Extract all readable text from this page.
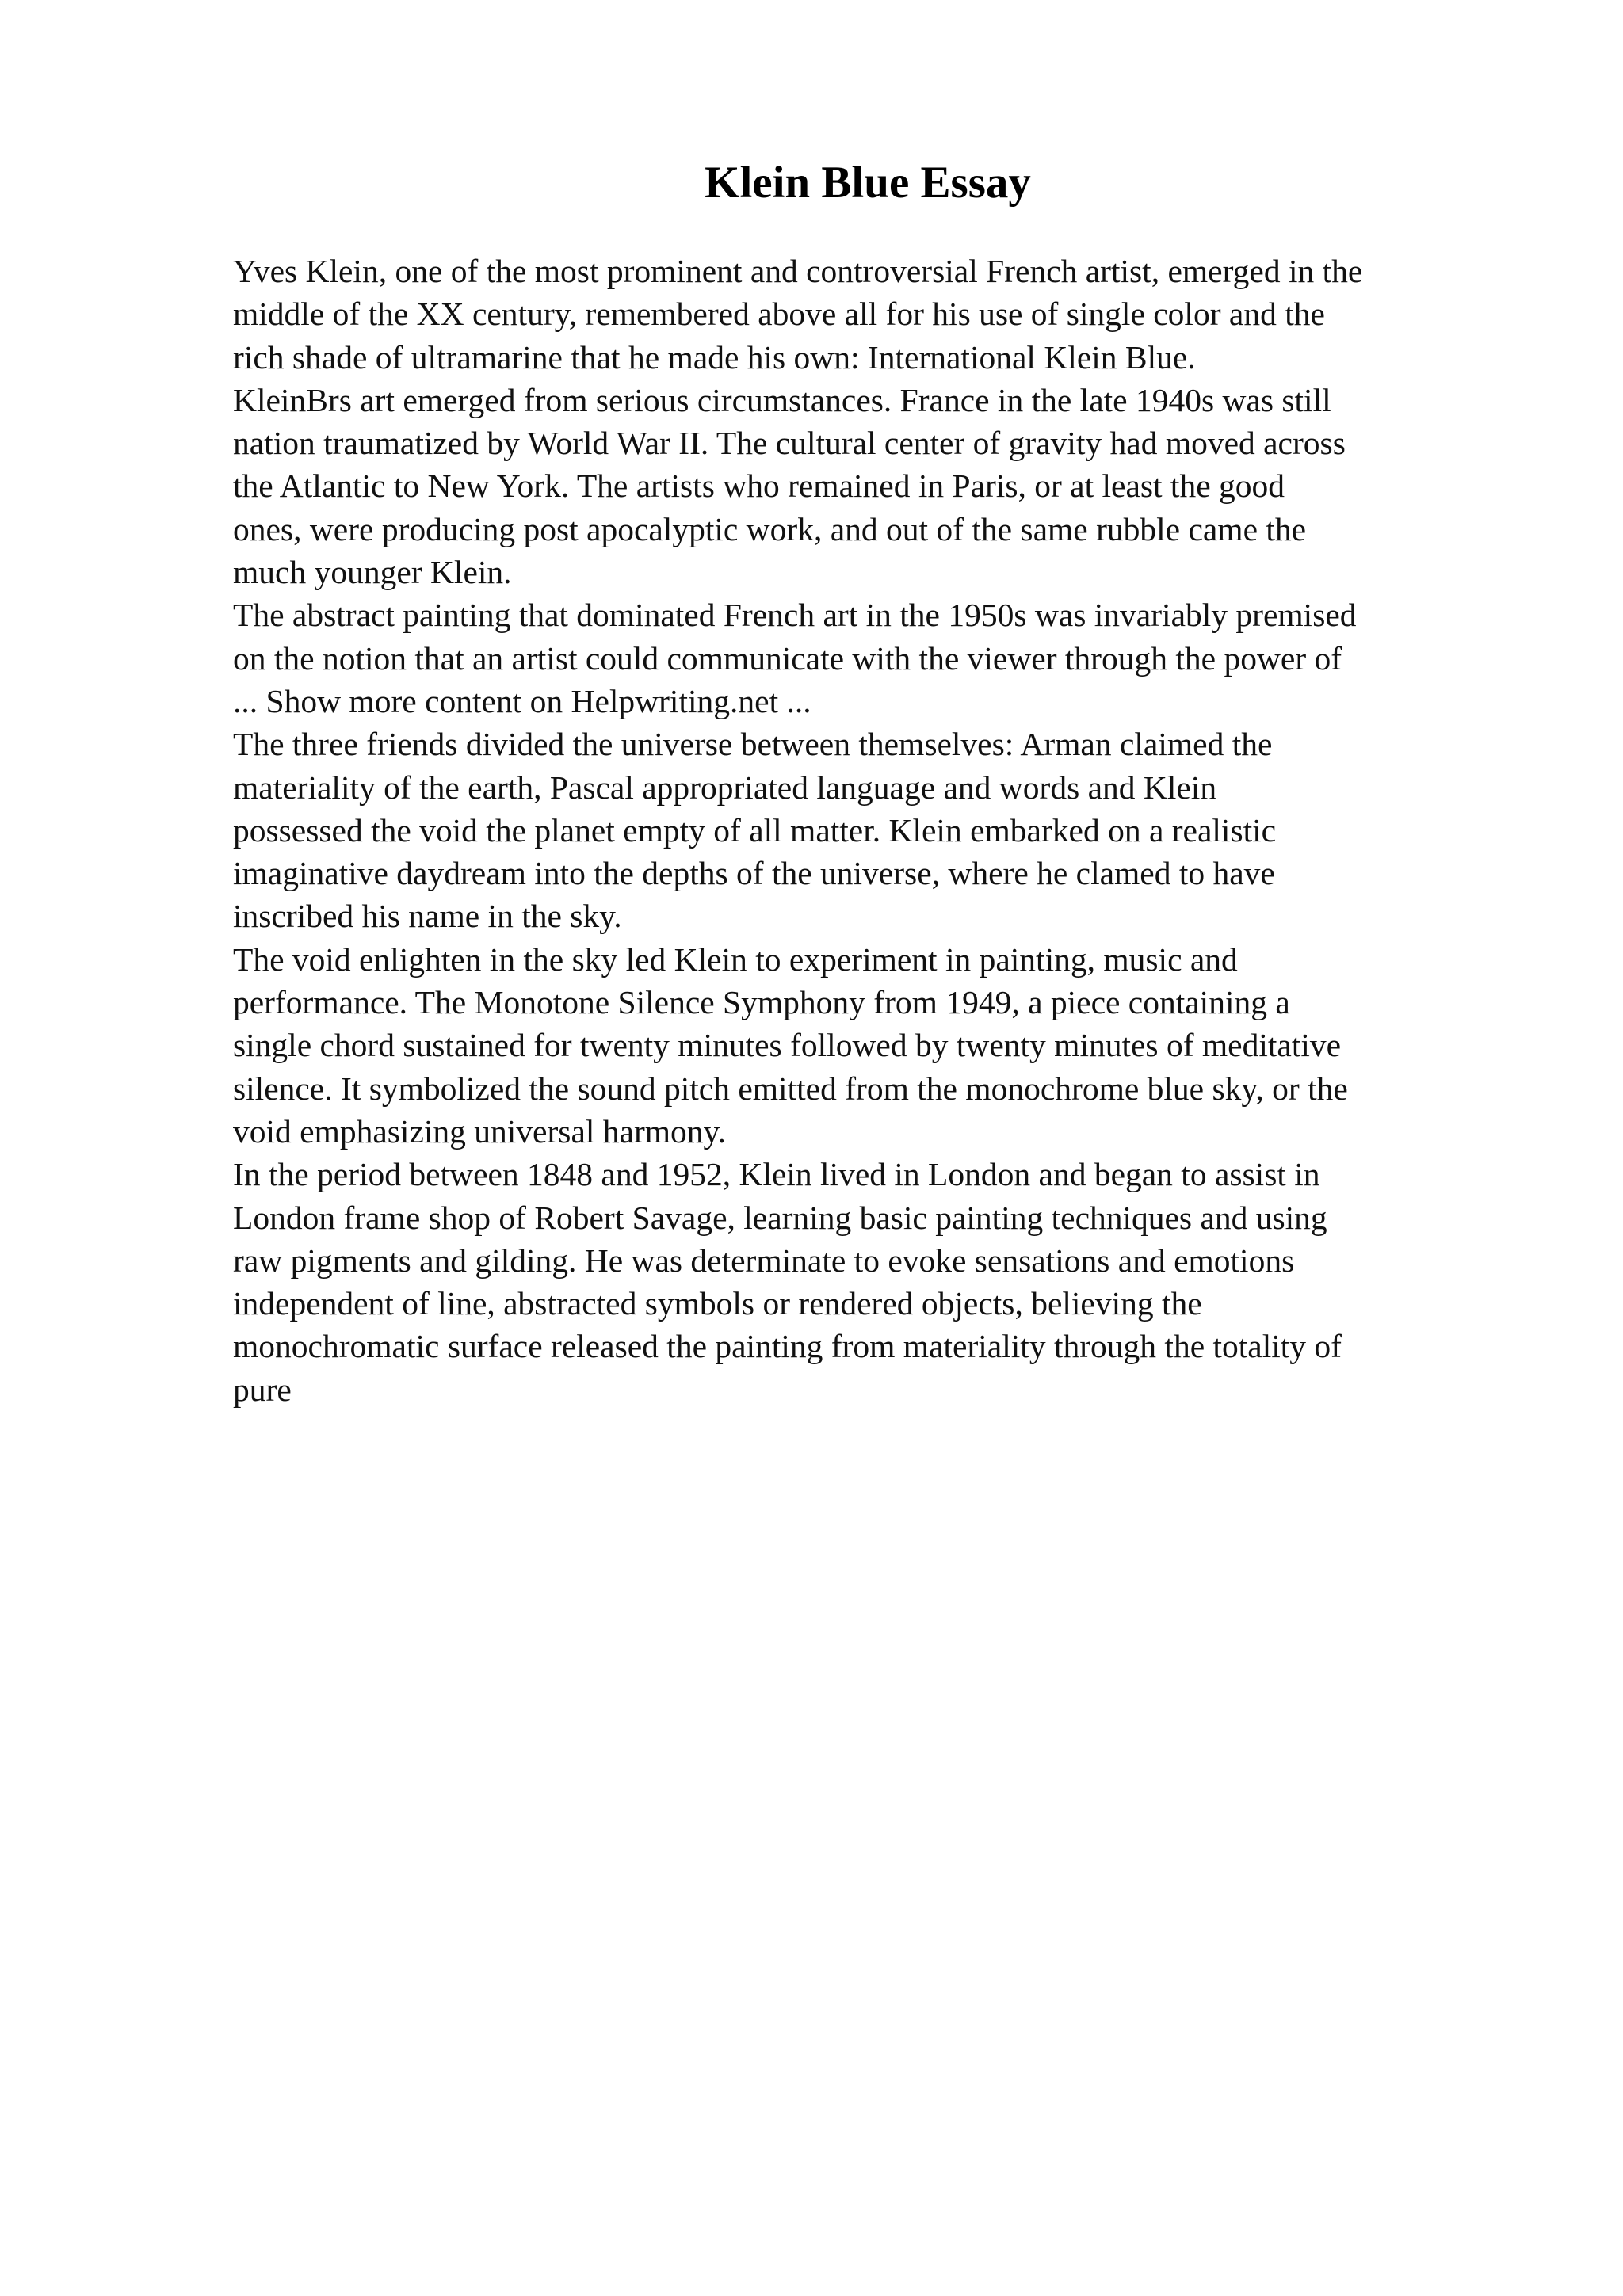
Klein Blue Essay
Yves Klein, one of the most prominent and controversial French artist, emerged in the
middle of the XX century, remembered above all for his use of single color and the
rich shade of ultramarine that he made his own: International Klein Blue.
KleinBrs art emerged from serious circumstances. France in the late 1940s was still
nation traumatized by World War II. The cultural center of gravity had moved across
the Atlantic to New York. The artists who remained in Paris, or at least the good
ones, were producing post apocalyptic work, and out of the same rubble came the
much younger Klein.
The abstract painting that dominated French art in the 1950s was invariably premised
on the notion that an artist could communicate with the viewer through the power of
... Show more content on Helpwriting.net ...
The three friends divided the universe between themselves: Arman claimed the
materiality of the earth, Pascal appropriated language and words and Klein
possessed the void the planet empty of all matter. Klein embarked on a realistic
imaginative daydream into the depths of the universe, where he clamed to have
inscribed his name in the sky.
The void enlighten in the sky led Klein to experiment in painting, music and
performance. The Monotone Silence Symphony from 1949, a piece containing a
single chord sustained for twenty minutes followed by twenty minutes of meditative
silence. It symbolized the sound pitch emitted from the monochrome blue sky, or the
void emphasizing universal harmony.
In the period between 1848 and 1952, Klein lived in London and began to assist in
London frame shop of Robert Savage, learning basic painting techniques and using
raw pigments and gilding. He was determinate to evoke sensations and emotions
independent of line, abstracted symbols or rendered objects, believing the
monochromatic surface released the painting from materiality through the totality of
pure
